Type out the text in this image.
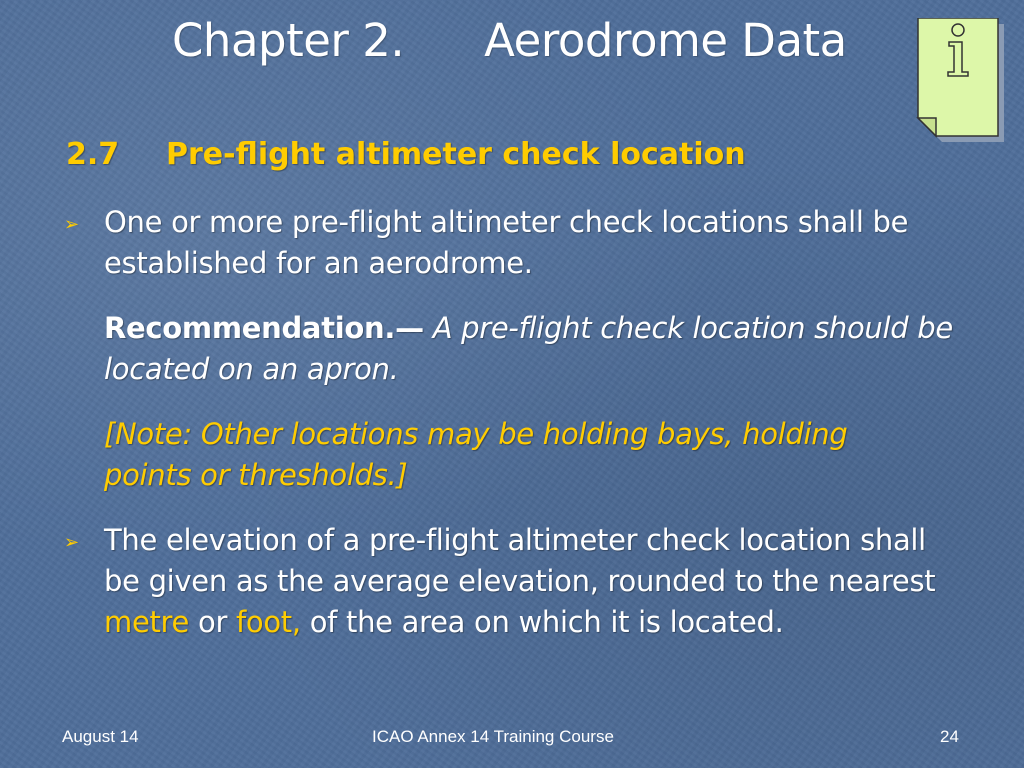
Chapter 2. Aerodrome Data
2.7 Pre-flight altimeter check location
➢ One or more pre-flight altimeter check locations shall be established for an aerodrome.
Recommendation.— A pre-flight check location should be located on an apron.
[Note: Other locations may be holding bays, holding points or thresholds.]
➢ The elevation of a pre-flight altimeter check location shall be given as the average elevation, rounded to the nearest metre or foot, of the area on which it is located.
August 14	ICAO Annex 14 Training Course	24
